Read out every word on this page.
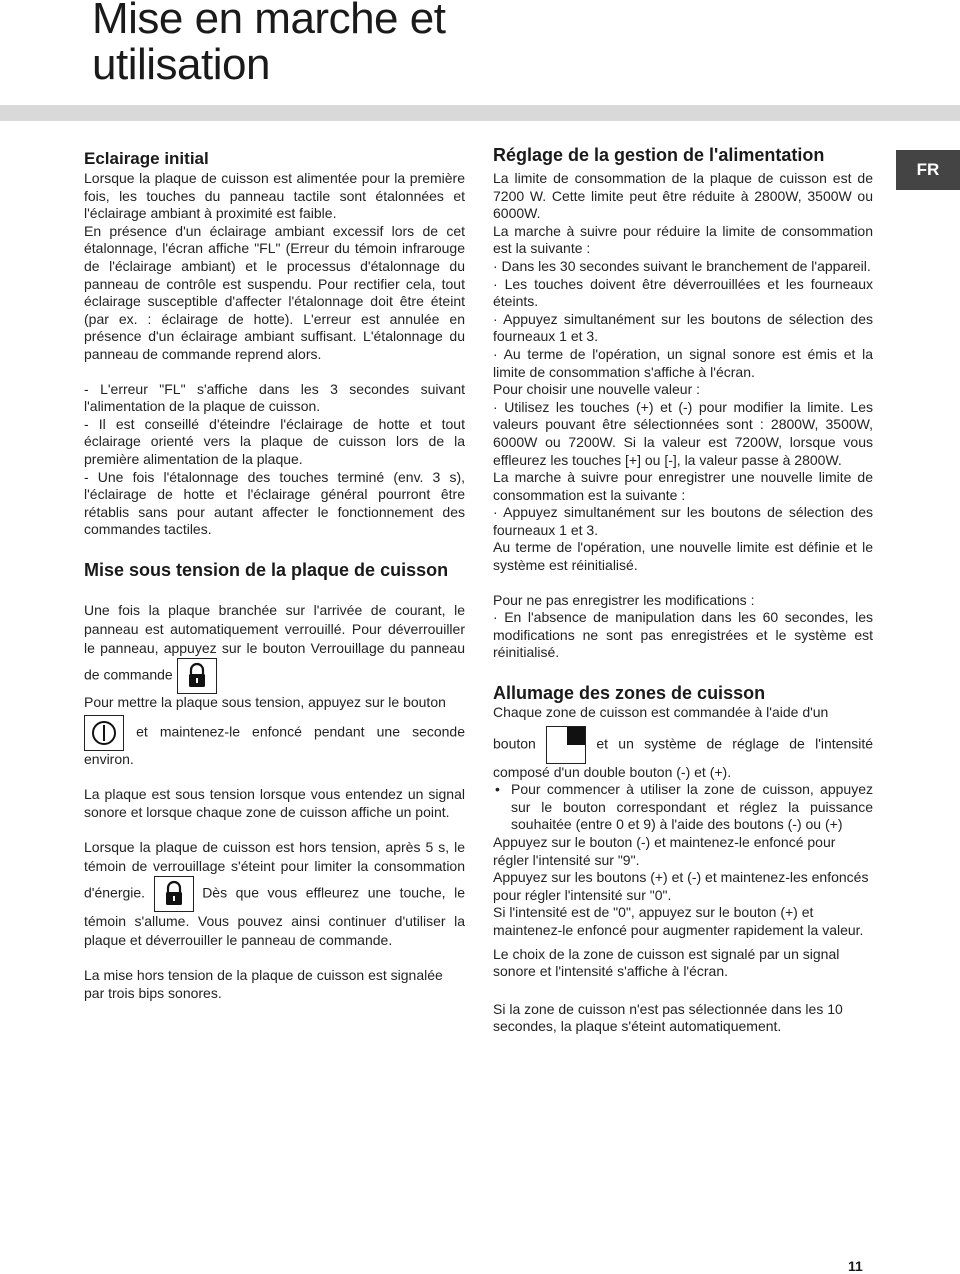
Mise en marche et
utilisation
FR
Eclairage initial

Lorsque la plaque de cuisson est alimentée pour la première fois, les touches du panneau tactile sont étalonnées et l'éclairage ambiant à proximité est faible.

En présence d'un éclairage ambiant excessif lors de cet étalonnage, l'écran affiche "FL" (Erreur du témoin infrarouge de l'éclairage ambiant) et le processus d'étalonnage du panneau de contrôle est suspendu. Pour rectifier cela, tout éclairage susceptible d'affecter l'étalonnage doit être éteint (par ex. : éclairage de hotte). L'erreur est annulée en présence d'un éclairage ambiant suffisant. L'étalonnage du panneau de commande reprend alors.

- L'erreur "FL" s'affiche dans les 3 secondes suivant l'alimentation de la plaque de cuisson.

- Il est conseillé d'éteindre l'éclairage de hotte et tout éclairage orienté vers la plaque de cuisson lors de la première alimentation de la plaque.

- Une fois l'étalonnage des touches terminé (env. 3 s), l'éclairage de hotte et l'éclairage général pourront être rétablis sans pour autant affecter le fonctionnement des commandes tactiles.

Mise sous tension de la plaque de cuisson

Une fois la plaque branchée sur l'arrivée de courant, le panneau est automatiquement verrouillé. Pour déverrouiller le panneau, appuyez sur le bouton Verrouillage du panneau de commande

Pour mettre la plaque sous tension, appuyez sur le bouton

et maintenez-le enfoncé pendant une seconde environ.

La plaque est sous tension lorsque vous entendez un signal sonore et lorsque chaque zone de cuisson affiche un point.

Lorsque la plaque de cuisson est hors tension, après 5 s, le témoin de verrouillage s'éteint pour limiter la consommation d'énergie.	Dès que vous effleurez une touche, le témoin s'allume. Vous pouvez ainsi continuer d'utiliser la plaque et déverrouiller le panneau de commande.

La mise hors tension de la plaque de cuisson est signalée par trois bips sonores.

Réglage de la gestion de l'alimentation

La limite de consommation de la plaque de cuisson est de 7200 W. Cette limite peut être réduite à 2800W, 3500W ou 6000W.

La marche à suivre pour réduire la limite de consommation est la suivante :

· Dans les 30 secondes suivant le branchement de l'appareil.

· Les touches doivent être déverrouillées et les fourneaux éteints.

· Appuyez simultanément sur les boutons de sélection des fourneaux 1 et 3.

· Au terme de l'opération, un signal sonore est émis et la limite de consommation s'affiche à l'écran.

Pour choisir une nouvelle valeur :

· Utilisez les touches (+) et (-) pour modifier la limite. Les valeurs pouvant être sélectionnées sont : 2800W, 3500W, 6000W ou 7200W. Si la valeur est 7200W, lorsque vous effleurez les touches [+] ou [-], la valeur passe à 2800W.

La marche à suivre pour enregistrer une nouvelle limite de consommation est la suivante :

· Appuyez simultanément sur les boutons de sélection des fourneaux 1 et 3.

Au terme de l'opération, une nouvelle limite est définie et le système est réinitialisé.

Pour ne pas enregistrer les modifications :

· En l'absence de manipulation dans les 60 secondes, les modifications ne sont pas enregistrées et le système est réinitialisé.

Allumage des zones de cuisson

Chaque zone de cuisson est commandée à l'aide d'un

bouton	et un système de réglage de l'intensité composé d'un double bouton (-) et (+).

• Pour commencer à utiliser la zone de cuisson, appuyez sur le bouton correspondant et réglez la puissance souhaitée (entre 0 et 9) à l'aide des boutons (-) ou (+)

Appuyez sur le bouton (-) et maintenez-le enfoncé pour régler l'intensité sur "9".

Appuyez sur les boutons (+) et (-) et maintenez-les enfoncés pour régler l'intensité sur "0".

Si l'intensité est de "0", appuyez sur le bouton (+) et maintenez-le enfoncé pour augmenter rapidement la valeur.

Le choix de la zone de cuisson est signalé par un signal sonore et l'intensité s'affiche à l'écran.

Si la zone de cuisson n'est pas sélectionnée dans les 10 secondes, la plaque s'éteint automatiquement.

11
